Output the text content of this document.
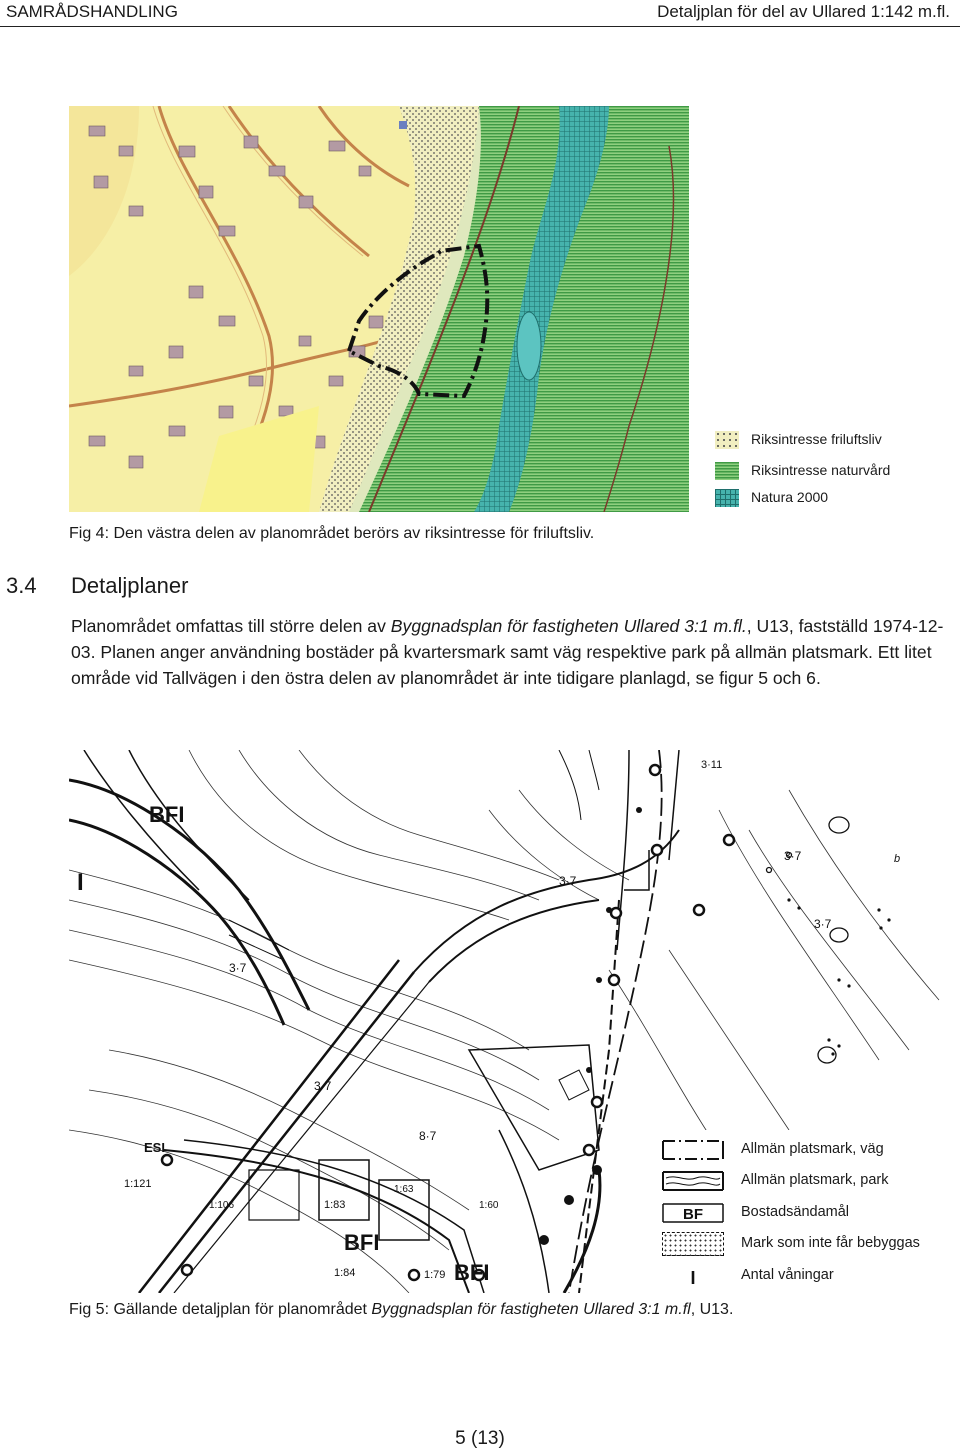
SAMRÅDSHANDLING	Detaljplan för del av Ullared 1:142 m.fl.
Riksintresse friluftsliv
Riksintresse naturvård
Natura 2000
Fig 4: Den västra delen av planområdet berörs av riksintresse för friluftsliv.
3.4 Detaljplaner
Planområdet omfattas till större delen av Byggnadsplan för fastigheten Ullared 3:1 m.fl., U13, fastställd 1974-12-03. Planen anger användning bostäder på kvartersmark samt väg respektive park på allmän platsmark. Ett litet område vid Tallvägen i den östra delen av planområdet är inte tidigare planlagd, se figur 5 och 6.
BFI
I
3·11
3·7
3·7
3·7
3·7
3·7
8·7
ESI
1:121
1:106	1:83
1:84	1:79
1:63
1:60
BFI
BFI
b
Allmän platsmark, väg
Allmän platsmark, park
BF	Bostadsändamål
Mark som inte får bebyggas
I	Antal våningar
Fig 5: Gällande detaljplan för planområdet Byggnadsplan för fastigheten Ullared 3:1 m.fl, U13.
5 (13)
